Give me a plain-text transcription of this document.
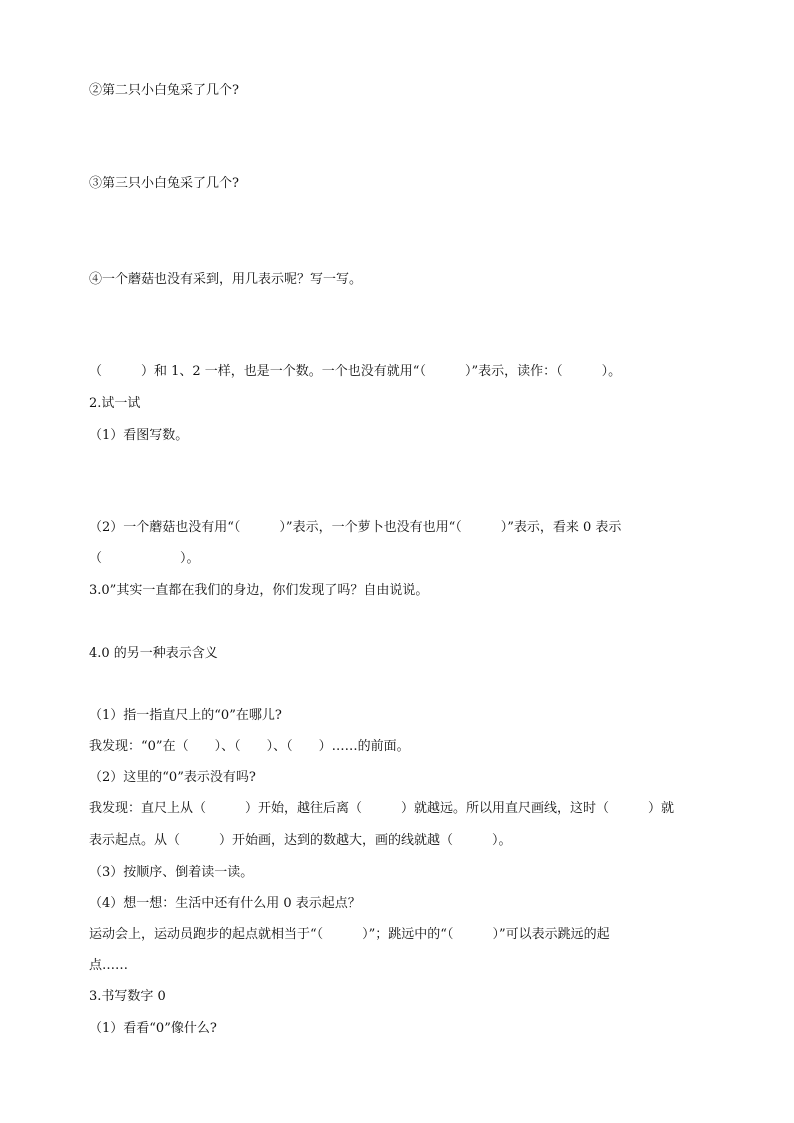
②第二只小白兔采了几个?
③第三只小白兔采了几个?
④一个蘑菇也没有采到，用几表示呢？写一写。
（　　　）和 1、2 一样，也是一个数。一个也没有就用“（　　　）”表示，读作：（　　　）。
2.试一试
（1）看图写数。
（2）一个蘑菇也没有用“（　　　）”表示，一个萝卜也没有也用“（　　　）”表示，看来 0 表示
（　　　　　　）。
3.0”其实一直都在我们的身边，你们发现了吗？自由说说。
4.0 的另一种表示含义
（1）指一指直尺上的“0”在哪儿?
我发现：“0”在（　　）、（　　）、（　　）……的前面。
（2）这里的“0”表示没有吗?
我发现：直尺上从（　　　）开始，越往后离（　　　）就越远。所以用直尺画线，这时（　　　）就
表示起点。从（　　　）开始画，达到的数越大，画的线就越（　　　）。
（3）按顺序、倒着读一读。
（4）想一想：生活中还有什么用 0 表示起点？
运动会上，运动员跑步的起点就相当于“（　　　）”；跳远中的“（　　　）”可以表示跳远的起
点……
3.书写数字 0
（1）看看“0”像什么?
